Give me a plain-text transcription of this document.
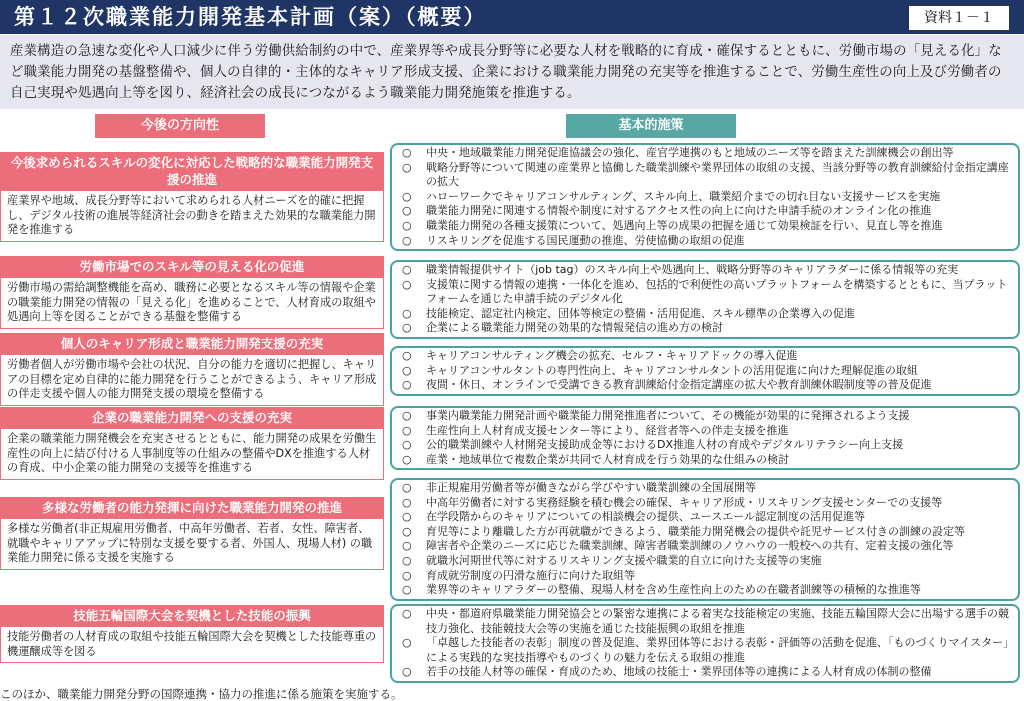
第１２次職業能力開発基本計画（案）（概要）	資料１－１

産業構造の急速な変化や人口減少に伴う労働供給制約の中で、産業界等や成長分野等に必要な人材を戦略的に育成・確保するとともに、労働市場の「見える化」など職業能力開発の基盤整備や、個人の自律的・主体的なキャリア形成支援、企業における職業能力開発の充実等を推進することで、労働生産性の向上及び労働者の自己実現や処遇向上等を図り、経済社会の成長につながるよう職業能力開発施策を推進する。

今後の方向性	基本的施策
今後求められるスキルの変化に対応した戦略的な職業能力開発支援の推進
産業界や地域、成長分野等において求められる人材ニーズを的確に把握し、デジタル技術の進展等経済社会の動きを踏まえた効果的な職業能力開発を推進する
労働市場でのスキル等の見える化の促進
労働市場の需給調整機能を高め、職務に必要となるスキル等の情報や企業の職業能力開発の情報の「見える化」を進めることで、人材育成の取組や処遇向上等を図ることができる基盤を整備する
個人のキャリア形成と職業能力開発支援の充実
労働者個人が労働市場や会社の状況、自分の能力を適切に把握し、キャリアの目標を定め自律的に能力開発を行うことができるよう、キャリア形成の伴走支援や個人の能力開発支援の環境を整備する
企業の職業能力開発への支援の充実
企業の職業能力開発機会を充実させるとともに、能力開発の成果を労働生産性の向上に結び付ける人事制度等の仕組みの整備やDXを推進する人材の育成、中小企業の能力開発の支援等を推進する
多様な労働者の能力発揮に向けた職業能力開発の推進
多様な労働者(非正規雇用労働者、中高年労働者、若者、女性、障害者、就職やキャリアアップに特別な支援を要する者、外国人、現場人材) の職業能力開発に係る支援を実施する
技能五輪国際大会を契機とした技能の振興
技能労働者の人材育成の取組や技能五輪国際大会を契機とした技能尊重の機運醸成等を図る
○ 中央・地域職業能力開発促進協議会の強化、産官学連携のもと地域のニーズ等を踏まえた訓練機会の創出等
○ 戦略分野等について関連の産業界と協働した職業訓練や業界団体の取組の支援、当該分野等の教育訓練給付金指定講座の拡大
○ ハローワークでキャリアコンサルティング、スキル向上、職業紹介までの切れ目ない支援サービスを実施
○ 職業能力開発に関連する情報や制度に対するアクセス性の向上に向けた申請手続のオンライン化の推進
○ 職業能力開発の各種支援策について、処遇向上等の成果の把握を通じて効果検証を行い、見直し等を推進
○ リスキリングを促進する国民運動の推進、労使協働の取組の促進
○ 職業情報提供サイト（job tag）のスキル向上や処遇向上、戦略分野等のキャリアラダーに係る情報等の充実
○ 支援策に関する情報の連携・一体化を進め、包括的で利便性の高いプラットフォームを構築するとともに、当プラットフォームを通じた申請手続のデジタル化
○ 技能検定、認定社内検定、団体等検定の整備・活用促進、スキル標準の企業導入の促進
○ 企業による職業能力開発の効果的な情報発信の進め方の検討
○ キャリアコンサルティング機会の拡充、セルフ・キャリアドックの導入促進
○ キャリアコンサルタントの専門性向上、キャリアコンサルタントの活用促進に向けた理解促進の取組
○ 夜間・休日、オンラインで受講できる教育訓練給付金指定講座の拡大や教育訓練休暇制度等の普及促進
○ 事業内職業能力開発計画や職業能力開発推進者について、その機能が効果的に発揮されるよう支援
○ 生産性向上人材育成支援センター等により、経営者等への伴走支援を推進
○ 公的職業訓練や人材開発支援助成金等におけるDX推進人材の育成やデジタルリテラシー向上支援
○ 産業・地域単位で複数企業が共同で人材育成を行う効果的な仕組みの検討
○ 非正規雇用労働者等が働きながら学びやすい職業訓練の全国展開等
○ 中高年労働者に対する実務経験を積む機会の確保、キャリア形成・リスキリング支援センターでの支援等
○ 在学段階からのキャリアについての相談機会の提供、ユースエール認定制度の活用促進等
○ 育児等により離職した方が再就職ができるよう、職業能力開発機会の提供や託児サービス付きの訓練の設定等
○ 障害者や企業のニーズに応じた職業訓練、障害者職業訓練のノウハウの一般校への共有、定着支援の強化等
○ 就職氷河期世代等に対するリスキリング支援や職業的自立に向けた支援等の実施
○ 育成就労制度の円滑な施行に向けた取組等
○ 業界等のキャリアラダーの整備、現場人材を含め生産性向上のための在職者訓練等の積極的な推進等
○ 中央・都道府県職業能力開発協会との緊密な連携による着実な技能検定の実施、技能五輪国際大会に出場する選手の競技力強化、技能競技大会等の実施を通じた技能振興の取組を推進
○ 「卓越した技能者の表彰」制度の普及促進、業界団体等における表彰・評価等の活動を促進、「ものづくりマイスター」による実践的な実技指導やものづくりの魅力を伝える取組の推進
○ 若手の技能人材等の確保・育成のため、地域の技能士・業界団体等の連携による人材育成の体制の整備
このほか、職業能力開発分野の国際連携・協力の推進に係る施策を実施する。
